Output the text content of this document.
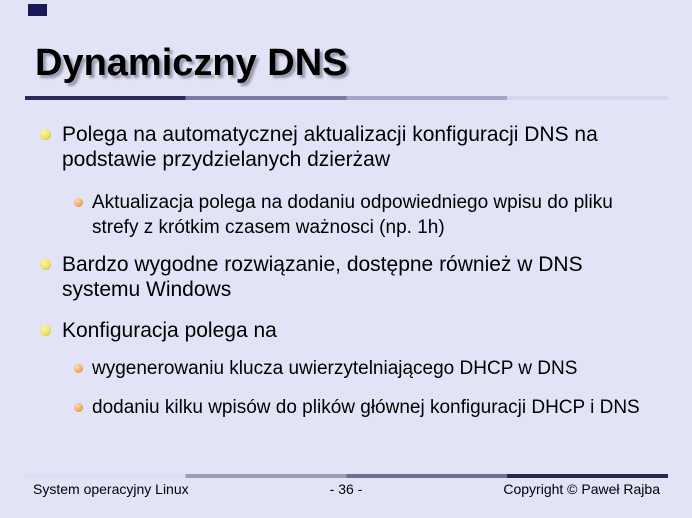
Dynamiczny DNS
Polega na automatycznej aktualizacji konfiguracji DNS na podstawie przydzielanych dzierżaw
Aktualizacja polega na dodaniu odpowiedniego wpisu do pliku strefy z krótkim czasem ważnosci (np. 1h)
Bardzo wygodne rozwiązanie, dostępne również w DNS systemu Windows
Konfiguracja polega na
wygenerowaniu klucza uwierzytelniającego DHCP w DNS
dodaniu kilku wpisów do plików głównej konfiguracji DHCP i DNS
System operacyjny Linux	- 36 -	Copyright © Paweł Rajba
